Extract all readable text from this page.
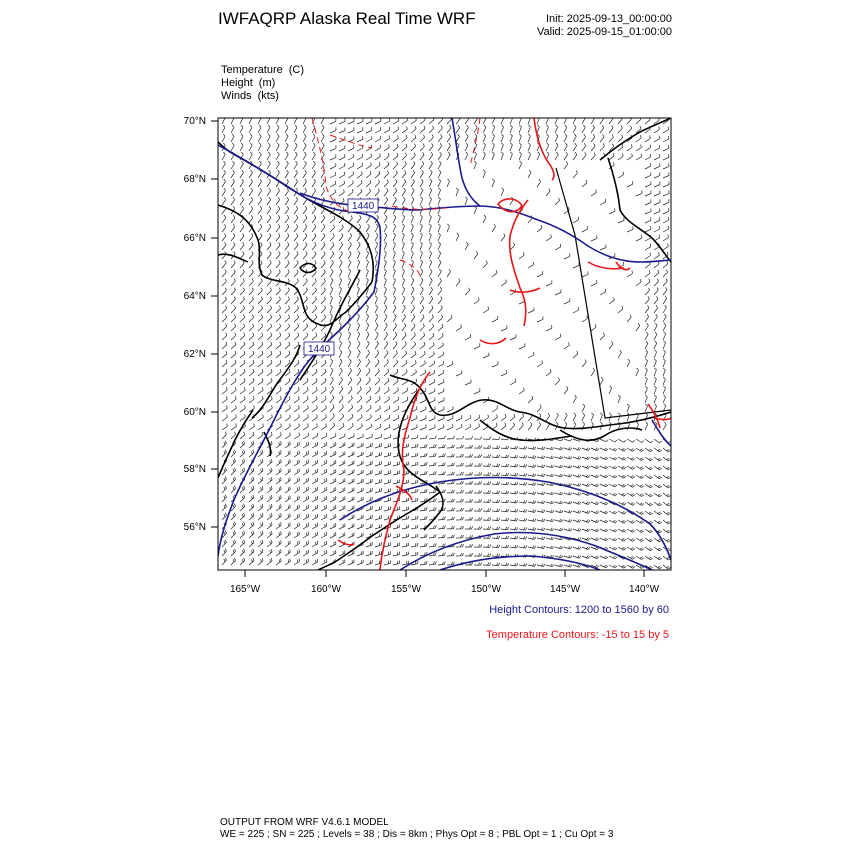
IWFAQRP Alaska Real Time WRF	Init: 2025-09-13_00:00:00
Valid: 2025-09-15_01:00:00
Temperature (C)
Height (m)
Winds (kts)
1440
1440
70°N
68°N
66°N
64°N
62°N
60°N
58°N
56°N
165°W	160°W	155°W	150°W	145°W	140°W
Height Contours: 1200 to 1560 by 60
Temperature Contours: -15 to 15 by 5
OUTPUT FROM WRF V4.6.1 MODEL
WE = 225 ; SN = 225 ; Levels = 38 ; Dis = 8km ; Phys Opt = 8 ; PBL Opt = 1 ; Cu Opt = 3
